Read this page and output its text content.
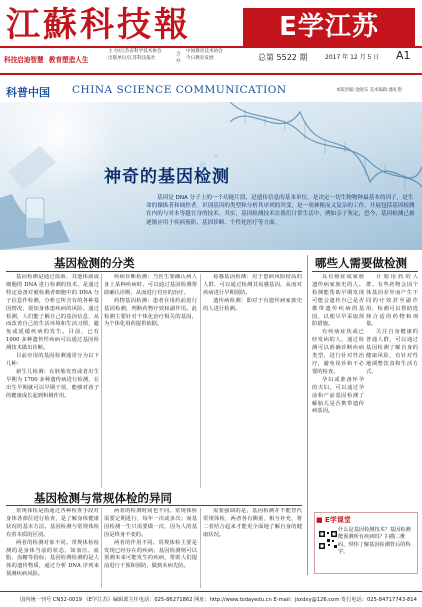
江蘇科技報	E学江苏
科技启迪智慧 教育塑造人生
主 办/江苏省科学技术协会
出版单位/江苏科技报社
中国教育技术协会
今日教育发展
合 办	总第 5522 期	2017 年 12 月 5 日 A1
科普中国 CHINA SCIENCE COMMUNICATION	本版责编:金晓东 美术编辑:潘礼艳
神奇的基因检测
基因是 DNA 分子上的一个功能片段，是遗传信息的基本单位，是决定一切生物物种最基本的因子，是生命的操纵者和调控者。识别基因的类型和分析其序列的突变，是一项神秘而又复杂的工作。开展包括基因检测在内的与对本等越在身的技术。其实，基因检测技术在我们日常生活中，例如亲子鉴定，恐今，基因检测已被逐渐应用于疾病预防、基因诊断、个性化医疗等方面。
基因检测的分类

基因检测是通过血液、其他体液或细胞的 DNA 进行检测的技术，是通过特定设备对被检测者细胞中的 DNA 分子信息作检测，分析它所含有的各种基因情况，预知身体患疾病的风险。通过检测，人们能了解自己的基因信息，从而改善自己的生活环境和生活习惯，避免或延缓疾病的发生。目前，已有 1000 多种遗传性疾病可以通过基因检测技术做出诊断。

目前应用的基因检测通常分为以下几种：

新生儿检测：在胚胎发育或者出生早期为 1700 多种遗传病进行检测，在出生早期就可以早期干预，能够对孩子的健康成长起到积极作用。

疾病诊断检测：当医生要确认病人身上某种疾病时，可以通过基因检测帮助确认诊断，从而进行对应的治疗。

药物基因检测：患者在用药前进行基因检测，判断药物疗效和副作用。此检测主要针对个体化治疗相关的基因，为个体化用药提供依据。

易感基因检测：对于患病风险较高的人群，可以通过检测其易感基因，从而对疾病进行早期预防。

遗传病检测：即对于有遗传病家族史的人进行检测。

哪些人需要做检测

具有癌症或家族遗传病家族史的人。检测能帮助早期发现可能会遗传自己是否携带遗传疾病的基因，以便尽早采取预防措施。

有疾病症状或已经发病的人，通过检测可以准确诊断疾病类型，进行针对性治疗，避免误诊和不必要的检查。

孕妇或准备怀孕的夫妇，可以通过孕前和产前基因检测了解胎儿是否携带遗传病基因。

计划用药的人群。有些药物会因个体基因差异而产生不同的疗效甚至副作用，检测可以帮助选择合适的药物和剂量。

关注自身健康的普通人群，可以通过基因检测了解自身的健康风险，有针对性地调整饮食和生活方式。

基因检测与常规体检的异同

常规体检是指通过各种检查手段对身体各部位进行检查，是了解身体健康状况的基本方法。基因检测与常规体检有着本质的区别。

两者的检测对象不同。常规体检检测的是身体当前的状态，如血压、血脂、血糖等指标；基因检测检测的是人体的遗传物质，通过分析 DNA 序列来预测疾病风险。

两者的检测时间也不同。常规体检需要定期进行，每年一次或多次；而基因检测一生只需要做一次，因为人的基因是终身不变的。

两者的作用不同。常规体检主要是发现已经存在的疾病；基因检测则可以预测未来可能发生的疾病，帮助人们提前进行干预和预防，做到未病先防。

需要强调的是，基因检测并不能替代常规体检，两者各有侧重，相互补充，将二者结合起来才能更全面地了解自身的健康状况。

■ E学课堂
什么是基因检测技术？基因检测能预测所有疾病吗？扫描二维码，带你了解基因检测背后的科学。
国内统一刊号 CN32-0019 《E学江苏》编辑部主任电话：025-86271862 网址：http://www.todayedu.cn E-mail：jsxdxy@126.com 发行电话：025-84717743-814
